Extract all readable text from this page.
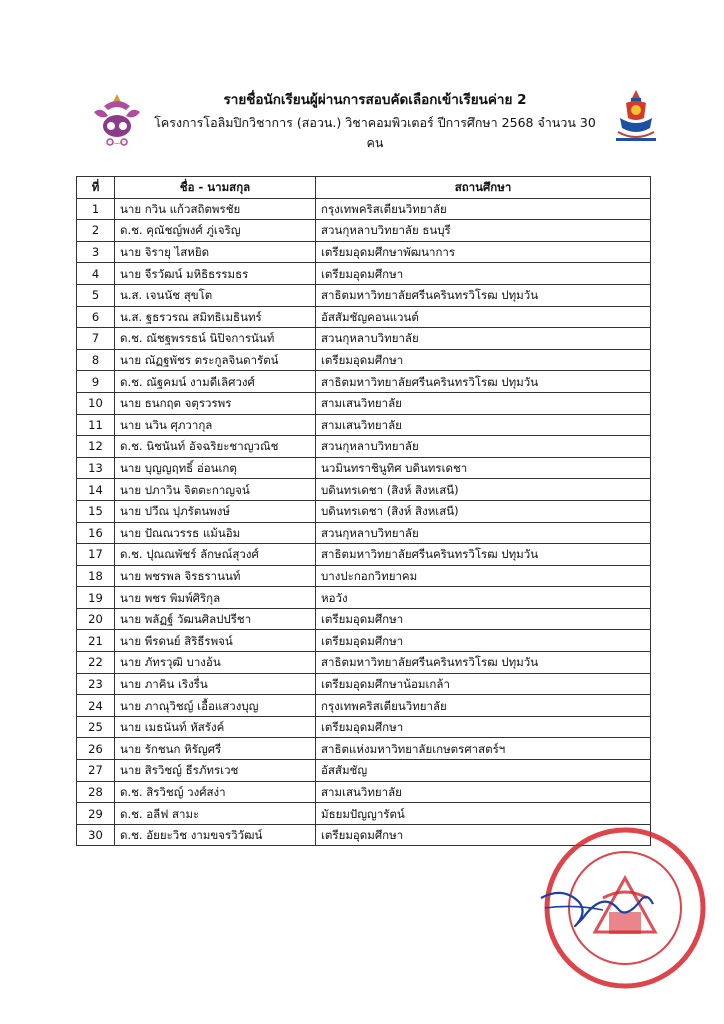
รายชื่อนักเรียนผู้ผ่านการสอบคัดเลือกเข้าเรียนค่าย 2
โครงการโอลิมปิกวิชาการ (สอวน.) วิชาคอมพิวเตอร์ ปีการศึกษา 2568 จำนวน 30 คน
ที่	ชื่อ - นามสกุล	สถานศึกษา
1	นาย กวิน แก้วสถิตพรชัย	กรุงเทพคริสเตียนวิทยาลัย
2	ด.ช. คุณัชญ์พงศ์ ภู่เจริญ	สวนกุหลาบวิทยาลัย ธนบุรี
3	นาย จิรายุ ไสหยิด	เตรียมอุดมศึกษาพัฒนาการ
4	นาย จีรวัฒน์ มหิธิธรรมธร	เตรียมอุดมศึกษา
5	น.ส. เจนนัช สุขโต	สาธิตมหาวิทยาลัยศรีนครินทรวิโรฒ ปทุมวัน
6	น.ส. ฐธรวรณ สมิทธิเมธินทร์	อัสสัมชัญคอนแวนต์
7	ด.ช. ณัชฐพรรธน์ นิปิจการนันท์	สวนกุหลาบวิทยาลัย
8	นาย ณัฏฐพัชร ตระกูลจินดารัตน์	เตรียมอุดมศึกษา
9	ด.ช. ณัฐคมน์ งามดีเลิศวงศ์	สาธิตมหาวิทยาลัยศรีนครินทรวิโรฒ ปทุมวัน
10	นาย ธนกฤต จตุรวรพร	สามเสนวิทยาลัย
11	นาย นวิน ศุภวากุล	สามเสนวิทยาลัย
12	ด.ช. นิชนันท์ อัจฉริยะชาญวณิช	สวนกุหลาบวิทยาลัย
13	นาย บุญญฤทธิ์ อ่อนเกตุ	นวมินทราชินูทิศ บดินทรเดชา
14	นาย ปภาวิน จิตตะกาญจน์	บดินทรเดชา (สิงห์ สิงหเสนี)
15	นาย ปวีณ ปุภรัตนพงษ์	บดินทรเดชา (สิงห์ สิงหเสนี)
16	นาย ปัณณวรรธ แม้นอิม	สวนกุหลาบวิทยาลัย
17	ด.ช. ปุณณพัชร์ ลักษณ์สุวงศ์	สาธิตมหาวิทยาลัยศรีนครินทรวิโรฒ ปทุมวัน
18	นาย พชรพล จิรธรานนท์	บางปะกอกวิทยาคม
19	นาย พชร พิมพ์ศิริกุล	หอวัง
20	นาย พลัฏฐ์ วัฒนศิลปปรีชา	เตรียมอุดมศึกษา
21	นาย พีรดนย์ สิริธีรพจน์	เตรียมอุดมศึกษา
22	นาย ภัทรวุฒิ บางอ้น	สาธิตมหาวิทยาลัยศรีนครินทรวิโรฒ ปทุมวัน
23	นาย ภาคิน เริงรื่น	เตรียมอุดมศึกษาน้อมเกล้า
24	นาย ภาณุวิชญ์ เอื้อแสวงบุญ	กรุงเทพคริสเตียนวิทยาลัย
25	นาย เมธนันท์ หัสรังค์	เตรียมอุดมศึกษา
26	นาย รักชนก หิรัญศรี	สาธิตแห่งมหาวิทยาลัยเกษตรศาสตร์ฯ
27	นาย สิรวิชญ์ ธีรภัทรเวช	อัสสัมชัญ
28	ด.ช. สิรวิชญ์ วงศ์สง่า	สามเสนวิทยาลัย
29	ด.ช. อลีฟ สามะ	มัธยมปัญญารัตน์
30	ด.ช. อัยยะวิช งามขจรวิวัฒน์	เตรียมอุดมศึกษา
